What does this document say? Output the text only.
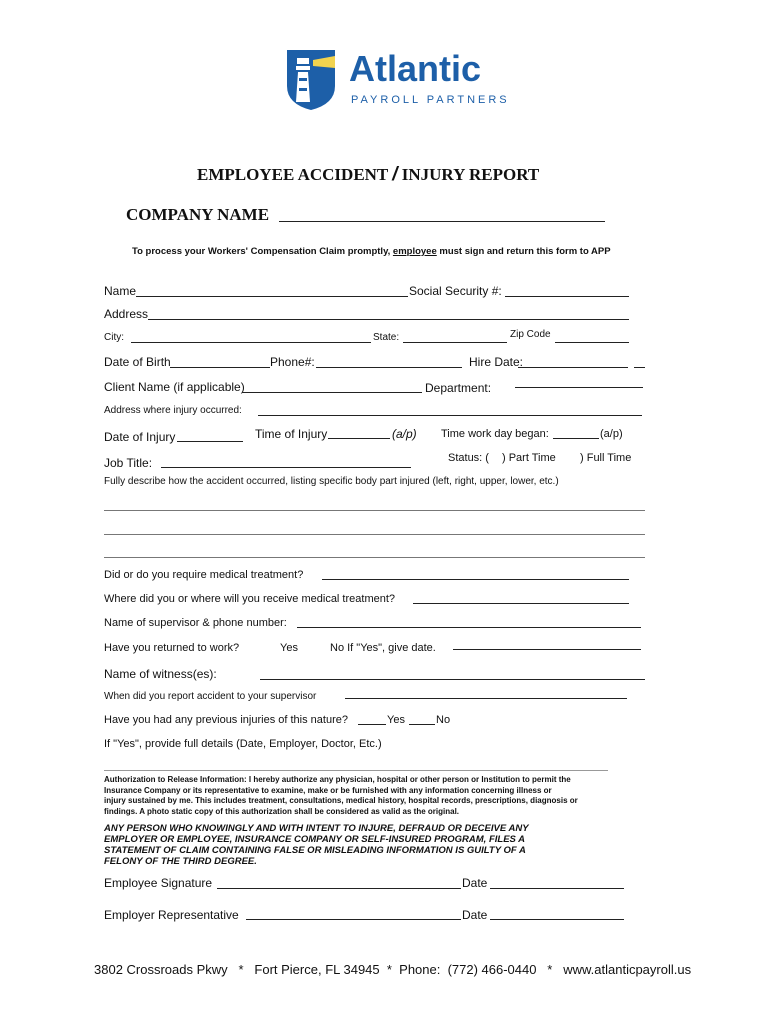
Atlantic
PAYROLL PARTNERS
EMPLOYEE ACCIDENT / INJURY REPORT
COMPANY NAME
To process your Workers' Compensation Claim promptly, employee must sign and return this form to APP
Name	Social Security #:
Address
City:	State:	Zip Code
Date of Birth	Phone#:	Hire Date:
Client Name (if applicable)	Department:
Address where injury occurred:
Date of Injury	Time of Injury	(a/p) Time work day began:	(a/p)
Job Title:	Status: ( ) Part Time ) Full Time
Fully describe how the accident occurred, listing specific body part injured (left, right, upper, lower, etc.)
Did or do you require medical treatment?
Where did you or where will you receive medical treatment?
Name of supervisor & phone number:
Have you returned to work?	Yes	No If "Yes", give date.
Name of witness(es):
When did you report accident to your supervisor
Have you had any previous injuries of this nature?	Yes	No
If "Yes", provide full details (Date, Employer, Doctor, Etc.)
Authorization to Release Information: I hereby authorize any physician, hospital or other person or Institution to permit the
Insurance Company or its representative to examine, make or be furnished with any information concerning illness or
injury sustained by me. This includes treatment, consultations, medical history, hospital records, prescriptions, diagnosis or
findings. A photo static copy of this authorization shall be considered as valid as the original.
ANY PERSON WHO KNOWINGLY AND WITH INTENT TO INJURE, DEFRAUD OR DECEIVE ANY
EMPLOYER OR EMPLOYEE, INSURANCE COMPANY OR SELF-INSURED PROGRAM, FILES A
STATEMENT OF CLAIM CONTAINING FALSE OR MISLEADING INFORMATION IS GUILTY OF A
FELONY OF THE THIRD DEGREE.
Employee Signature	Date
Employer Representative	Date
3802 Crossroads Pkwy   *   Fort Pierce, FL 34945  *  Phone:  (772) 466-0440   *   www.atlanticpayroll.us
